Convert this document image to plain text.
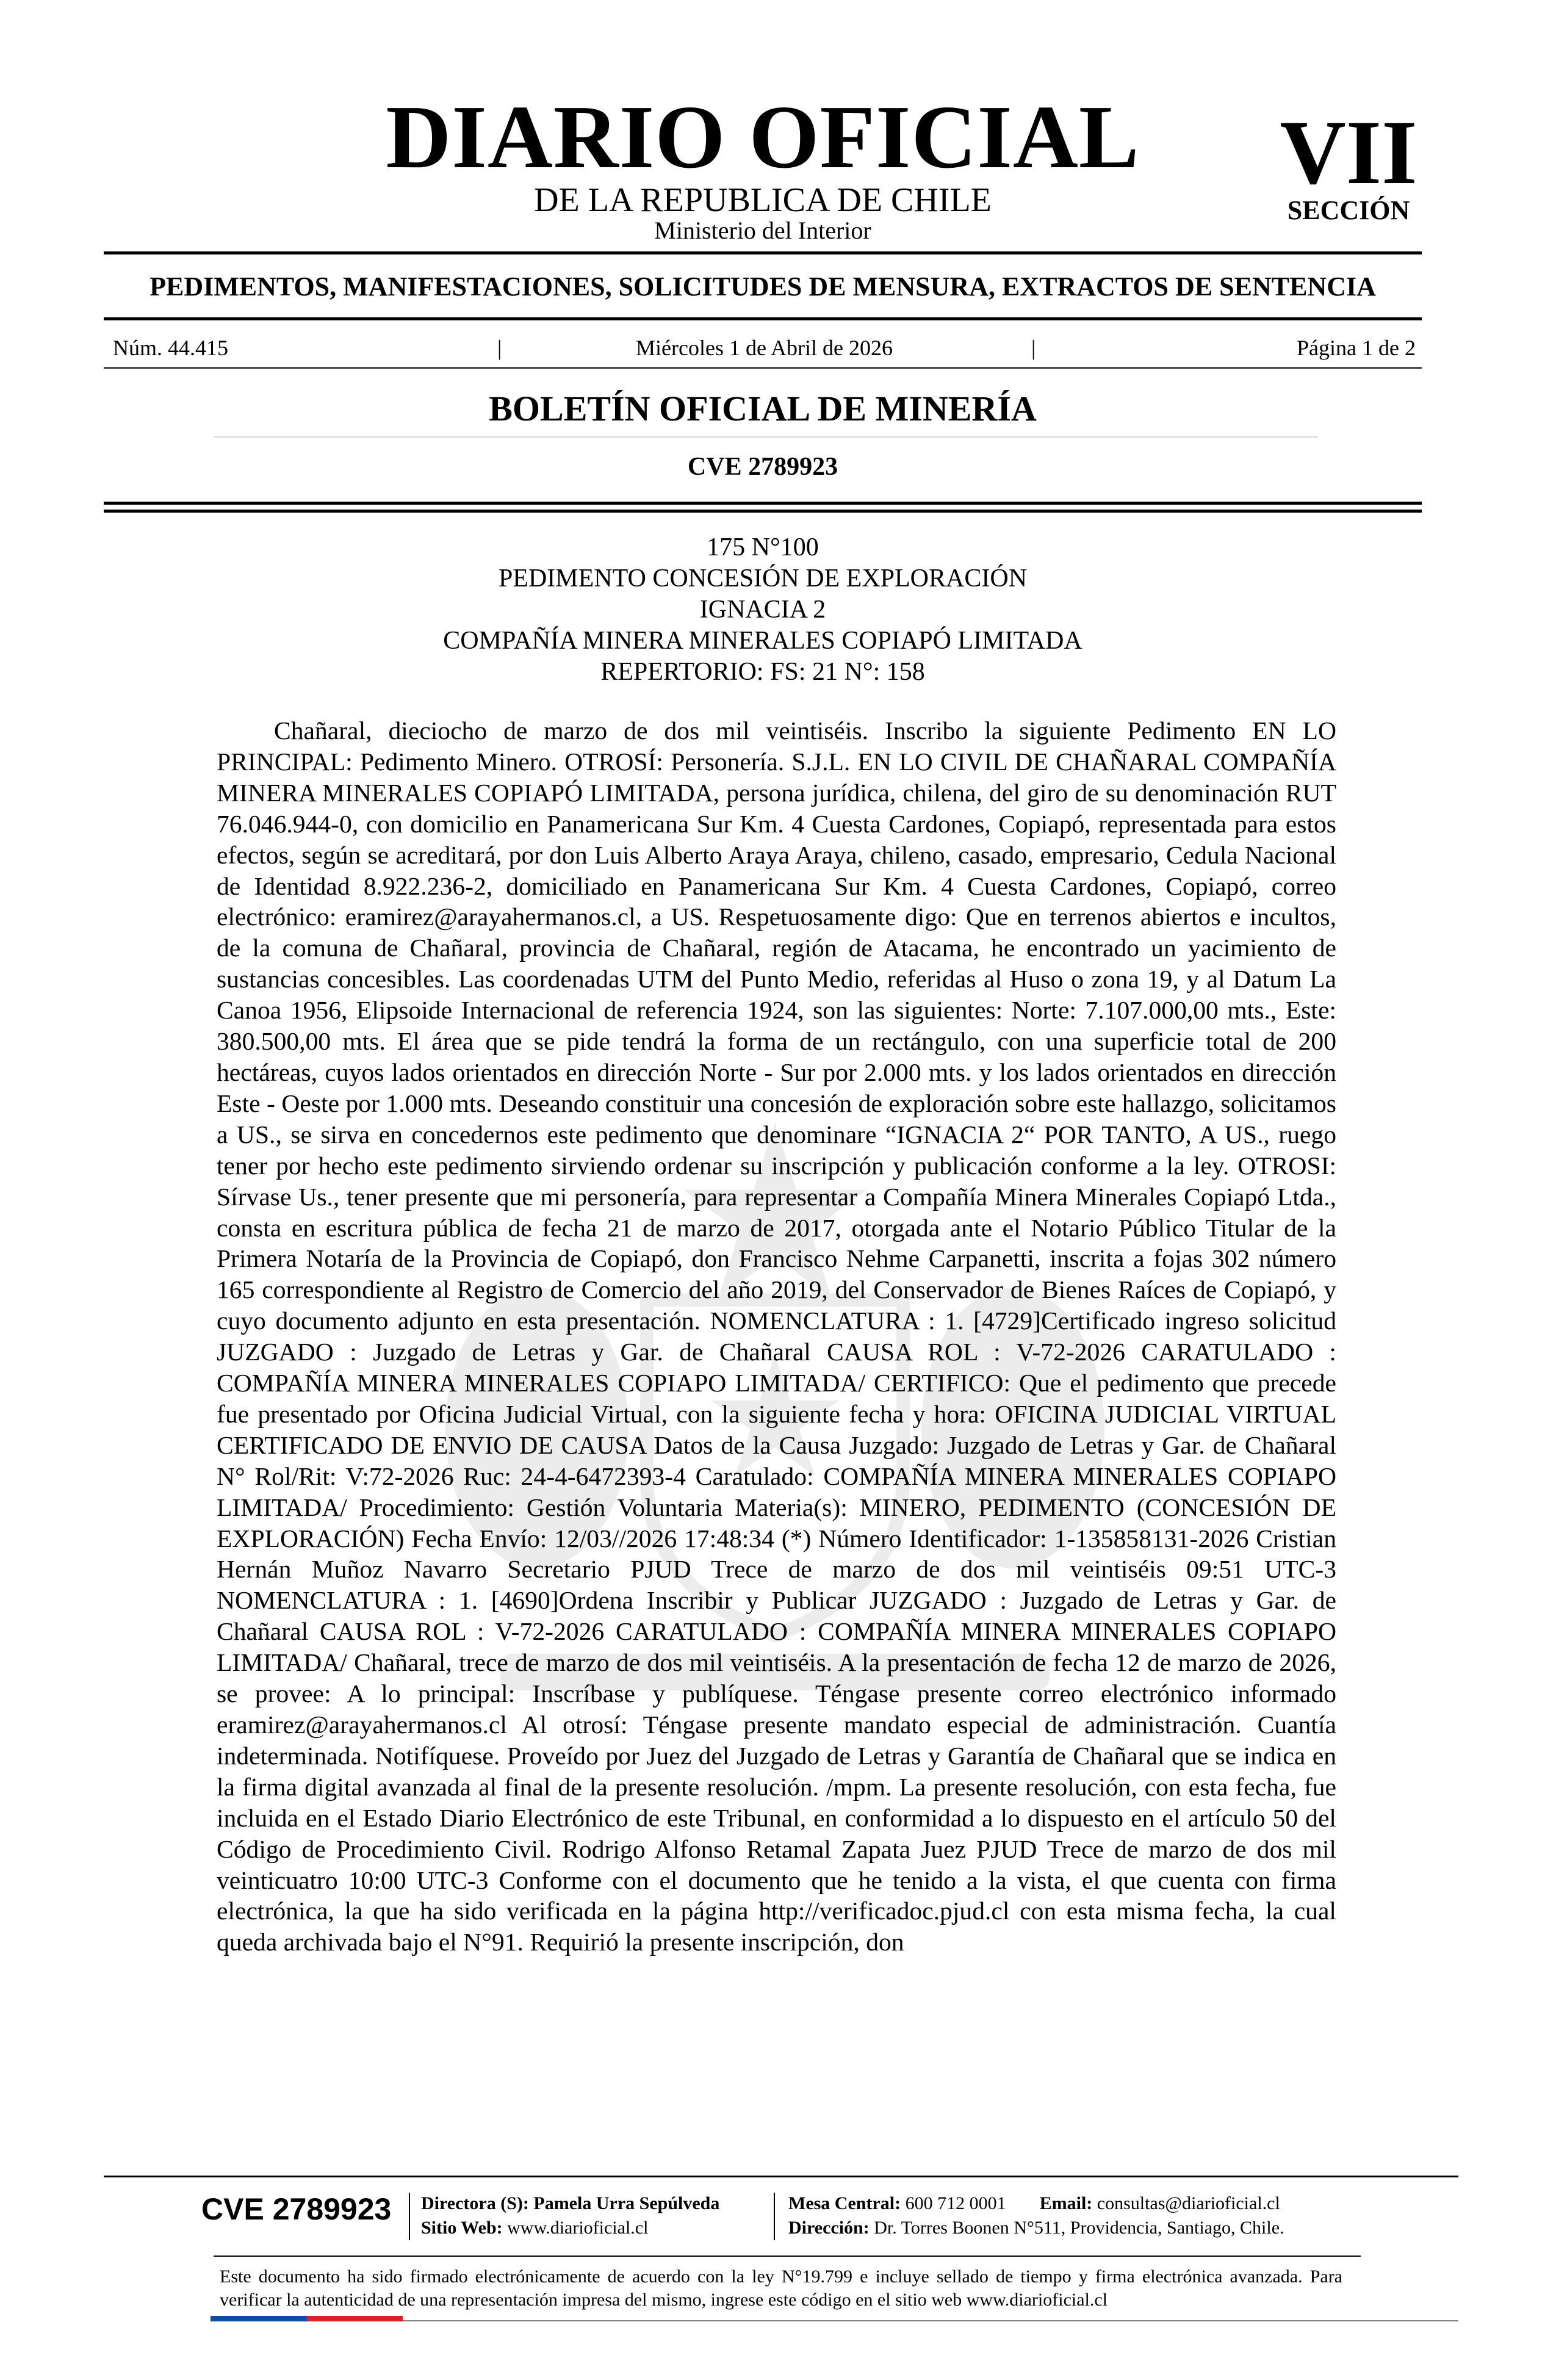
DIARIO OFICIAL
DE LA REPUBLICA DE CHILE
Ministerio del Interior
VII
SECCIÓN
PEDIMENTOS, MANIFESTACIONES, SOLICITUDES DE MENSURA, EXTRACTOS DE SENTENCIA
Núm. 44.415	|	Miércoles 1 de Abril de 2026	|	Página 1 de 2
BOLETÍN OFICIAL DE MINERÍA
CVE 2789923
175 N°100
PEDIMENTO CONCESIÓN DE EXPLORACIÓN
IGNACIA 2
COMPAÑÍA MINERA MINERALES COPIAPÓ LIMITADA
REPERTORIO: FS: 21 N°: 158
Chañaral, dieciocho de marzo de dos mil veintiséis. Inscribo la siguiente Pedimento EN LO PRINCIPAL: Pedimento Minero. OTROSÍ: Personería. S.J.L. EN LO CIVIL DE CHAÑARAL COMPAÑÍA MINERA MINERALES COPIAPÓ LIMITADA, persona jurídica, chilena, del giro de su denominación RUT 76.046.944-0, con domicilio en Panamericana Sur Km. 4 Cuesta Cardones, Copiapó, representada para estos efectos, según se acreditará, por don Luis Alberto Araya Araya, chileno, casado, empresario, Cedula Nacional de Identidad 8.922.236-2, domiciliado en Panamericana Sur Km. 4 Cuesta Cardones, Copiapó, correo electrónico: eramirez@arayahermanos.cl, a US. Respetuosamente digo: Que en terrenos abiertos e incultos, de la comuna de Chañaral, provincia de Chañaral, región de Atacama, he encontrado un yacimiento de sustancias concesibles. Las coordenadas UTM del Punto Medio, referidas al Huso o zona 19, y al Datum La Canoa 1956, Elipsoide Internacional de referencia 1924, son las siguientes: Norte: 7.107.000,00 mts., Este: 380.500,00 mts. El área que se pide tendrá la forma de un rectángulo, con una superficie total de 200 hectáreas, cuyos lados orientados en dirección Norte - Sur por 2.000 mts. y los lados orientados en dirección Este - Oeste por 1.000 mts. Deseando constituir una concesión de exploración sobre este hallazgo, solicitamos a US., se sirva en concedernos este pedimento que denominare “IGNACIA 2“ POR TANTO, A US., ruego tener por hecho este pedimento sirviendo ordenar su inscripción y publicación conforme a la ley. OTROSI: Sírvase Us., tener presente que mi personería, para representar a Compañía Minera Minerales Copiapó Ltda., consta en escritura pública de fecha 21 de marzo de 2017, otorgada ante el Notario Público Titular de la Primera Notaría de la Provincia de Copiapó, don Francisco Nehme Carpanetti, inscrita a fojas 302 número 165 correspondiente al Registro de Comercio del año 2019, del Conservador de Bienes Raíces de Copiapó, y cuyo documento adjunto en esta presentación. NOMENCLATURA : 1. [4729]Certificado ingreso solicitud JUZGADO : Juzgado de Letras y Gar. de Chañaral CAUSA ROL : V-72-2026 CARATULADO : COMPAÑÍA MINERA MINERALES COPIAPO LIMITADA/ CERTIFICO: Que el pedimento que precede fue presentado por Oficina Judicial Virtual, con la siguiente fecha y hora: OFICINA JUDICIAL VIRTUAL CERTIFICADO DE ENVIO DE CAUSA Datos de la Causa Juzgado: Juzgado de Letras y Gar. de Chañaral N° Rol/Rit: V:72-2026 Ruc: 24-4-6472393-4 Caratulado: COMPAÑÍA MINERA MINERALES COPIAPO LIMITADA/ Procedimiento: Gestión Voluntaria Materia(s): MINERO, PEDIMENTO (CONCESIÓN DE EXPLORACIÓN) Fecha Envío: 12/03//2026 17:48:34 (*) Número Identificador: 1-135858131-2026 Cristian Hernán Muñoz Navarro Secretario PJUD Trece de marzo de dos mil veintiséis 09:51 UTC-3 NOMENCLATURA : 1. [4690]Ordena Inscribir y Publicar JUZGADO : Juzgado de Letras y Gar. de Chañaral CAUSA ROL : V-72-2026 CARATULADO : COMPAÑÍA MINERA MINERALES COPIAPO LIMITADA/ Chañaral, trece de marzo de dos mil veintiséis. A la presentación de fecha 12 de marzo de 2026, se provee: A lo principal: Inscríbase y publíquese. Téngase presente correo electrónico informado eramirez@arayahermanos.cl Al otrosí: Téngase presente mandato especial de administración. Cuantía indeterminada. Notifíquese. Proveído por Juez del Juzgado de Letras y Garantía de Chañaral que se indica en la firma digital avanzada al final de la presente resolución. /mpm. La presente resolución, con esta fecha, fue incluida en el Estado Diario Electrónico de este Tribunal, en conformidad a lo dispuesto en el artículo 50 del Código de Procedimiento Civil. Rodrigo Alfonso Retamal Zapata Juez PJUD Trece de marzo de dos mil veinticuatro 10:00 UTC-3 Conforme con el documento que he tenido a la vista, el que cuenta con firma electrónica, la que ha sido verificada en la página http://verificadoc.pjud.cl con esta misma fecha, la cual queda archivada bajo el N°91. Requirió la presente inscripción, don
CVE 2789923 Directora (S): Pamela Urra Sepúlveda
Sitio Web: www.diarioficial.cl
Mesa Central: 600 712 0001 Email: consultas@diarioficial.cl
Dirección: Dr. Torres Boonen N°511, Providencia, Santiago, Chile.
Este documento ha sido firmado electrónicamente de acuerdo con la ley N°19.799 e incluye sellado de tiempo y firma electrónica avanzada. Para verificar la autenticidad de una representación impresa del mismo, ingrese este código en el sitio web www.diarioficial.cl
